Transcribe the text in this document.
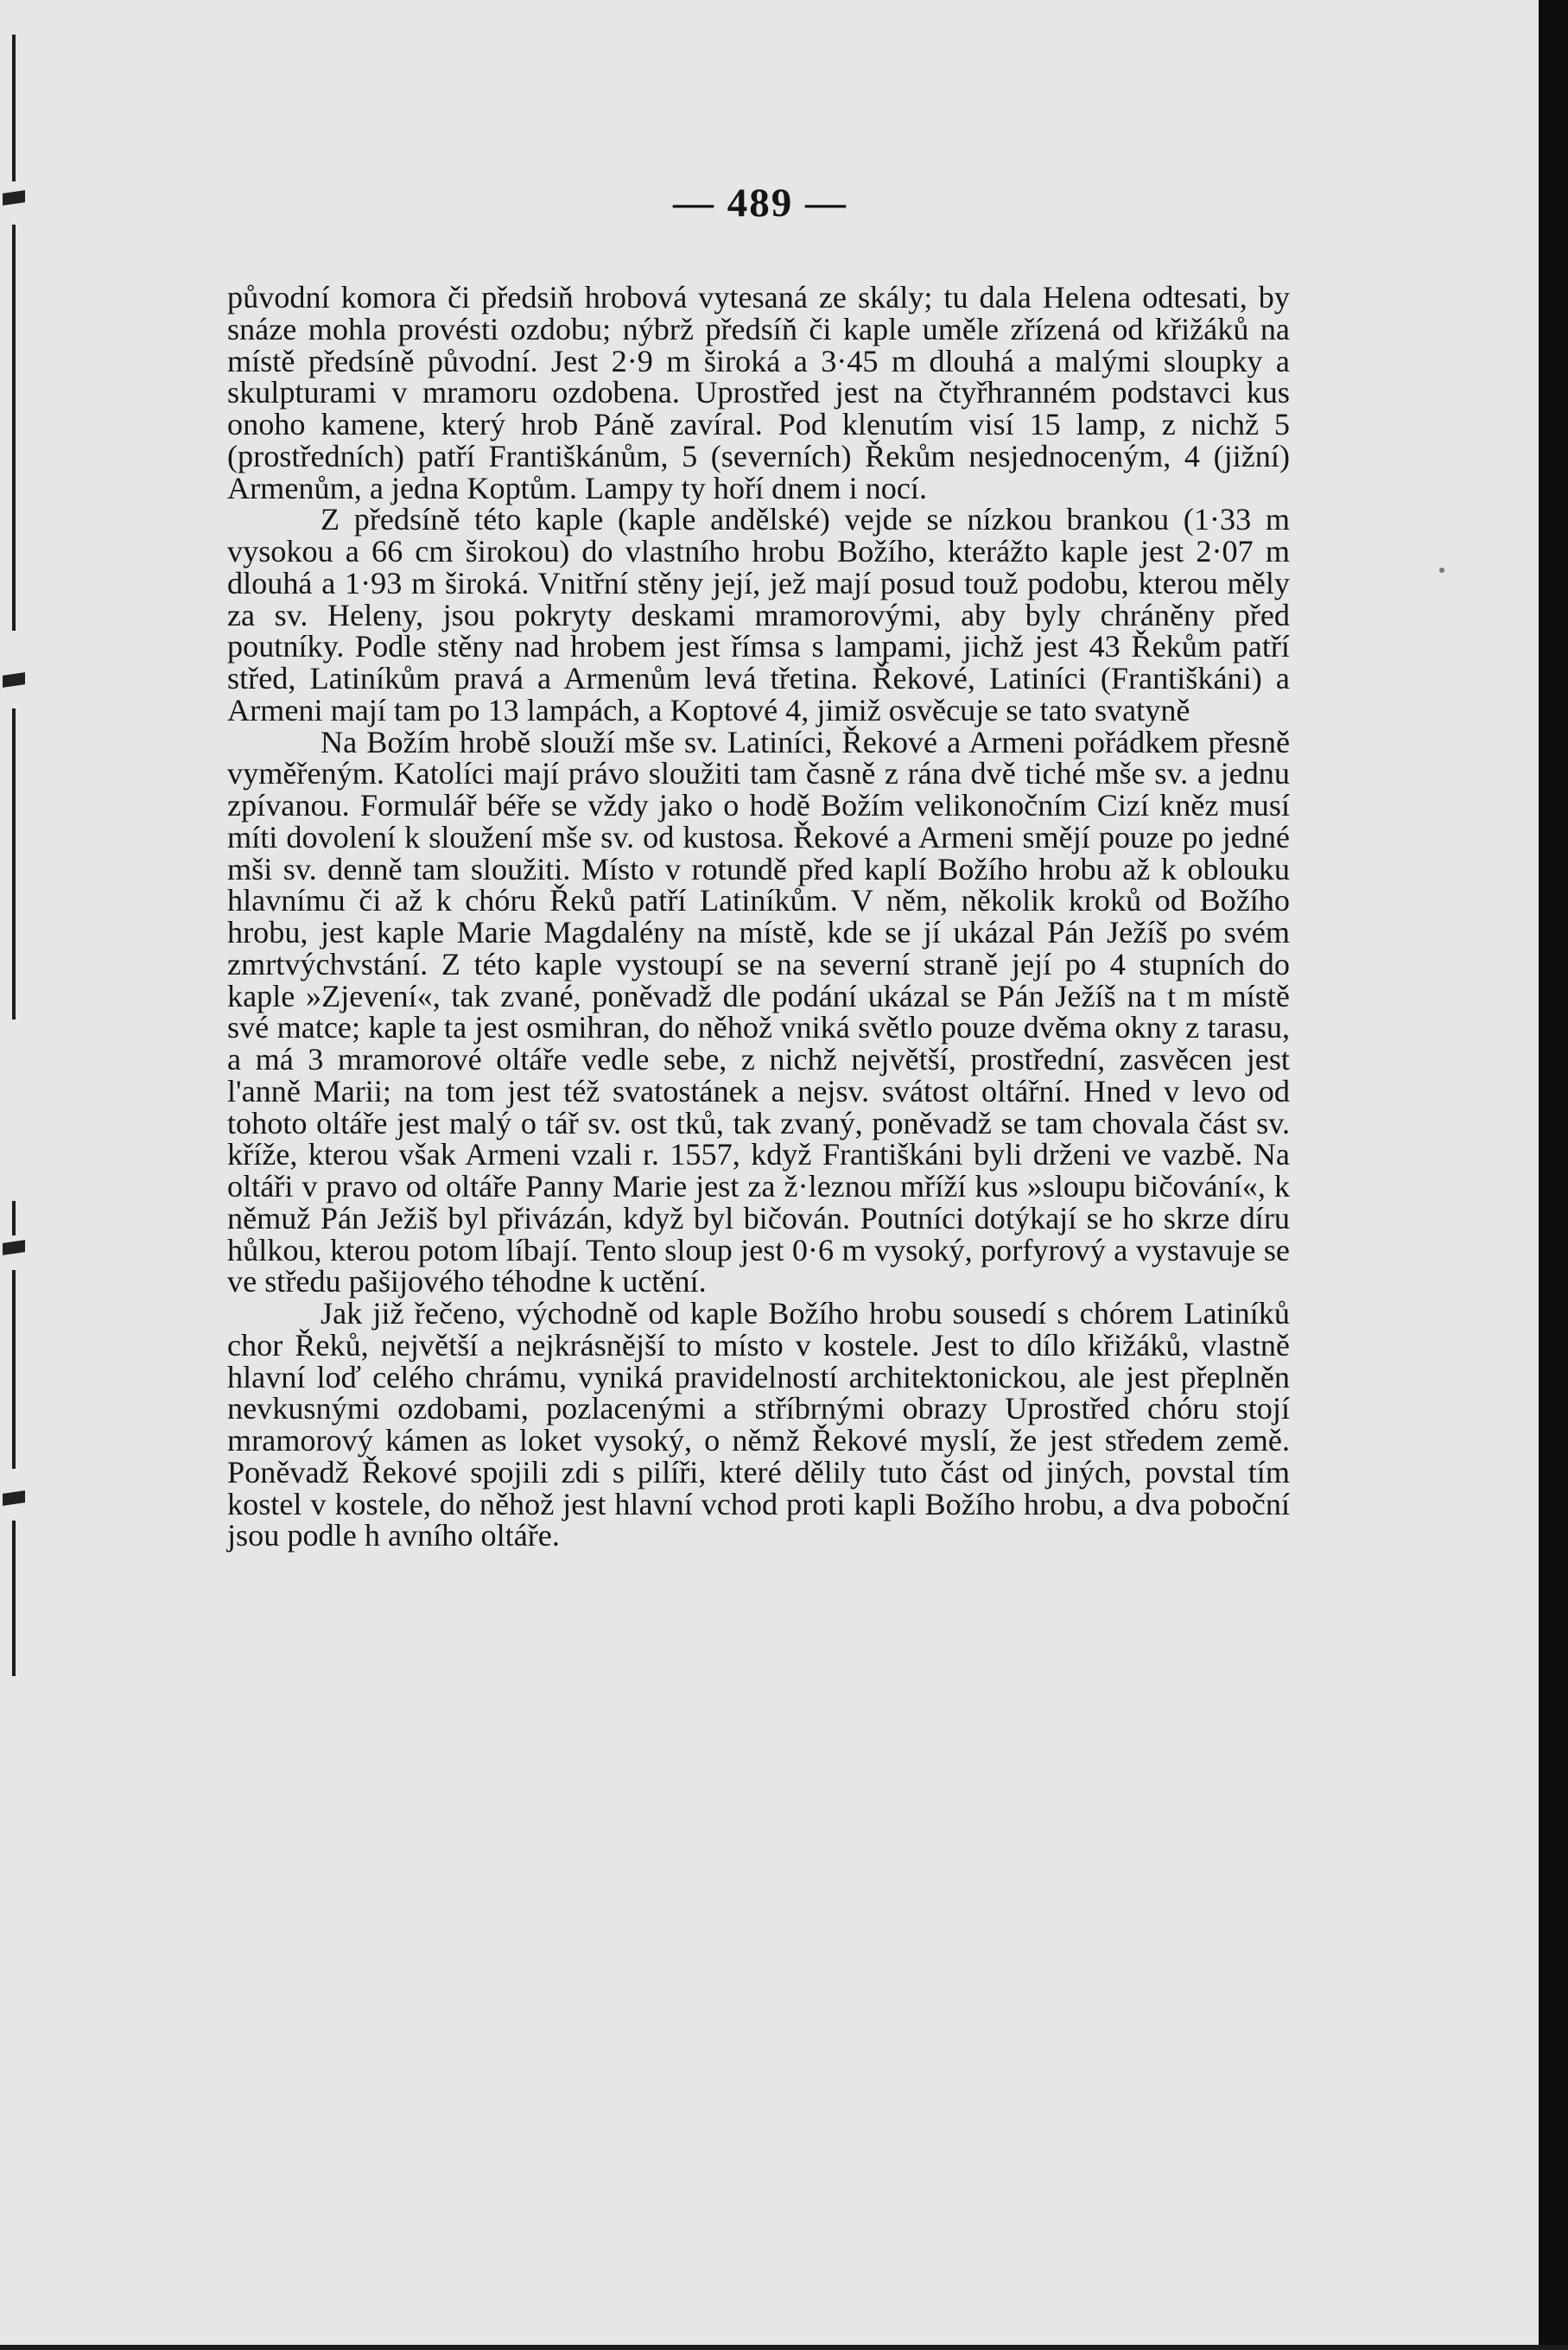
— 489 —

původní komora či předsiň hrobová vytesaná ze skály; tu dala Helena odtesati, by snáze mohla provésti ozdobu; nýbrž předsíň či kaple uměle zřízená od křižáků na místě předsíně původní. Jest 2·9 m široká a 3·45 m dlouhá a malými sloupky a skulpturami v mramoru ozdobena. Uprostřed jest na čtyřhranném podstavci kus onoho kamene, který hrob Páně zavíral. Pod klenutím visí 15 lamp, z nichž 5 (prostředních) patří Františkánům, 5 (severních) Řekům nesjednoceným, 4 (jižní) Armenům, a jedna Koptům. Lampy ty hoří dnem i nocí.

Z předsíně této kaple (kaple andělské) vejde se nízkou brankou (1·33 m vysokou a 66 cm širokou) do vlastního hrobu Božího, kterážto kaple jest 2·07 m dlouhá a 1·93 m široká. Vnitřní stěny její, jež mají posud touž podobu, kterou měly za sv. Heleny, jsou pokryty deskami mramorovými, aby byly chráněny před poutníky. Podle stěny nad hrobem jest římsa s lampami, jichž jest 43 Řekům patří střed, Latiníkům pravá a Armenům levá třetina. Řekové, Latiníci (Františkáni) a Armeni mají tam po 13 lampách, a Koptové 4, jimiž osvěcuje se tato svatyně

Na Božím hrobě slouží mše sv. Latiníci, Řekové a Armeni pořádkem přesně vyměřeným. Katolíci mají právo sloužiti tam časně z rána dvě tiché mše sv. a jednu zpívanou. Formulář béře se vždy jako o hodě Božím velikonočním Cizí kněz musí míti dovolení k sloužení mše sv. od kustosa. Řekové a Armeni smějí pouze po jedné mši sv. denně tam sloužiti. Místo v rotundě před kaplí Božího hrobu až k oblouku hlavnímu či až k chóru Řeků patří Latiníkům. V něm, několik kroků od Božího hrobu, jest kaple Marie Magdalény na místě, kde se jí ukázal Pán Ježíš po svém zmrtvýchvstání. Z této kaple vystoupí se na severní straně její po 4 stupních do kaple »Zjevení«, tak zvané, poněvadž dle podání ukázal se Pán Ježíš na t m místě své matce; kaple ta jest osmihran, do něhož vniká světlo pouze dvěma okny z tarasu, a má 3 mramorové oltáře vedle sebe, z nichž největší, prostřední, zasvěcen jest l'anně Marii; na tom jest též svatostánek a nejsv. svátost oltářní. Hned v levo od tohoto oltáře jest malý o tář sv. ost tků, tak zvaný, poněvadž se tam chovala část sv. kříže, kterou však Armeni vzali r. 1557, když Františkáni byli drženi ve vazbě. Na oltáři v pravo od oltáře Panny Marie jest za ž·leznou mříží kus »sloupu bičování«, k němuž Pán Ježiš byl přivázán, když byl bičován. Poutníci dotýkají se ho skrze díru hůlkou, kterou potom líbají. Tento sloup jest 0·6 m vysoký, porfyrový a vystavuje se ve středu pašijového téhodne k uctění.

Jak již řečeno, východně od kaple Božího hrobu sousedí s chórem Latiníků chor Řeků, největší a nejkrásnější to místo v kostele. Jest to dílo křižáků, vlastně hlavní loď celého chrámu, vyniká pravidelností architektonickou, ale jest přeplněn nevkusnými ozdobami, pozlacenými a stříbrnými obrazy Uprostřed chóru stojí mramorový kámen as loket vysoký, o němž Řekové myslí, že jest středem země. Poněvadž Řekové spojili zdi s pilíři, které dělily tuto část od jiných, povstal tím kostel v kostele, do něhož jest hlavní vchod proti kapli Božího hrobu, a dva poboční jsou podle h avního oltáře.
